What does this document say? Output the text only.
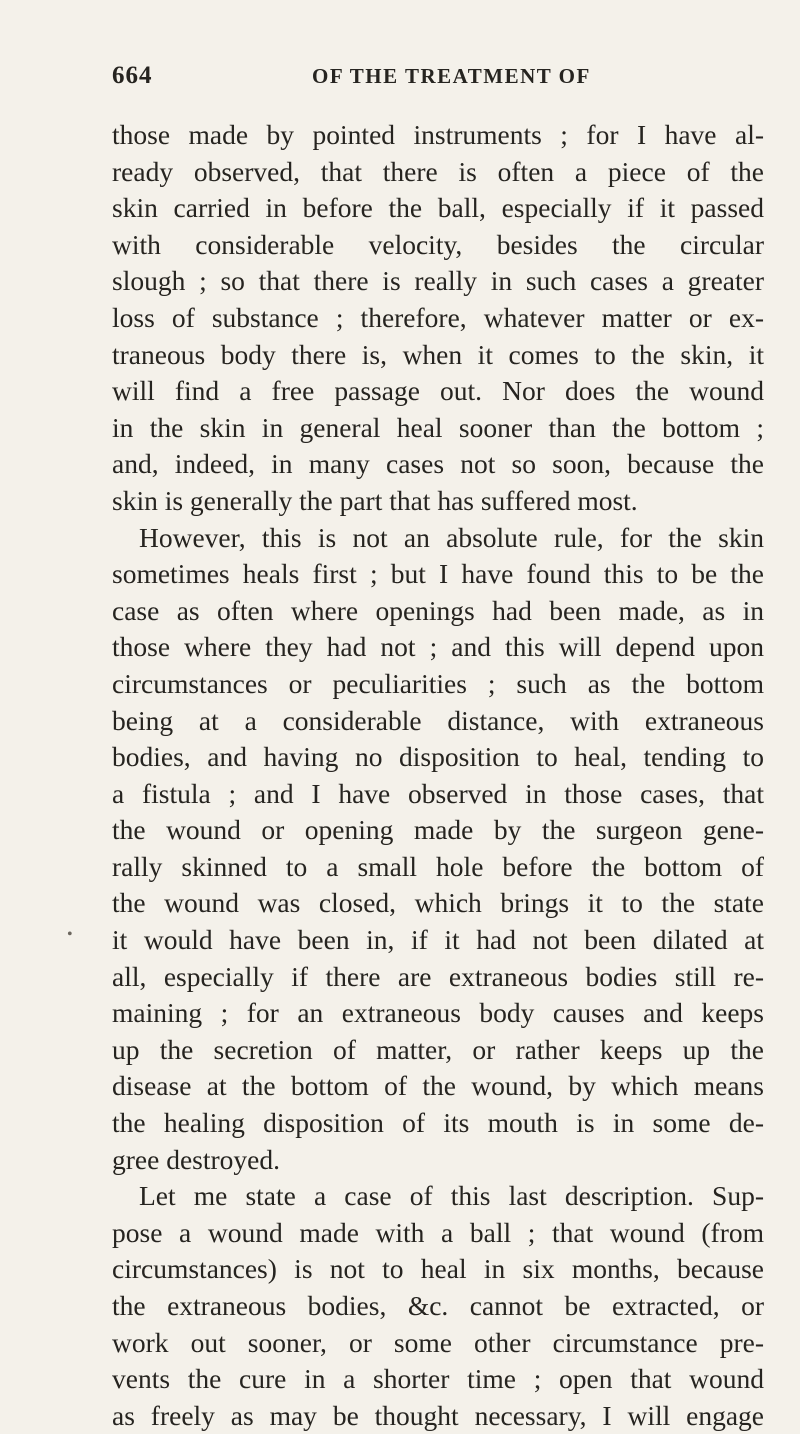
664	OF THE TREATMENT OF
those made by pointed instruments ; for I have al-
ready observed, that there is often a piece of the
skin carried in before the ball, especially if it passed
with considerable velocity, besides the circular
slough ; so that there is really in such cases a greater
loss of substance ; therefore, whatever matter or ex-
traneous body there is, when it comes to the skin, it
will find a free passage out. Nor does the wound
in the skin in general heal sooner than the bottom ;
and, indeed, in many cases not so soon, because the
skin is generally the part that has suffered most.
However, this is not an absolute rule, for the skin
sometimes heals first ; but I have found this to be the
case as often where openings had been made, as in
those where they had not ; and this will depend upon
circumstances or peculiarities ; such as the bottom
being at a considerable distance, with extraneous
bodies, and having no disposition to heal, tending to
a fistula ; and I have observed in those cases, that
the wound or opening made by the surgeon gene-
rally skinned to a small hole before the bottom of
the wound was closed, which brings it to the state
it would have been in, if it had not been dilated at
all, especially if there are extraneous bodies still re-
maining ; for an extraneous body causes and keeps
up the secretion of matter, or rather keeps up the
disease at the bottom of the wound, by which means
the healing disposition of its mouth is in some de-
gree destroyed.
Let me state a case of this last description. Sup-
pose a wound made with a ball ; that wound (from
circumstances) is not to heal in six months, because
the extraneous bodies, &c. cannot be extracted, or
work out sooner, or some other circumstance pre-
vents the cure in a shorter time ; open that wound
as freely as may be thought necessary, I will engage
•
